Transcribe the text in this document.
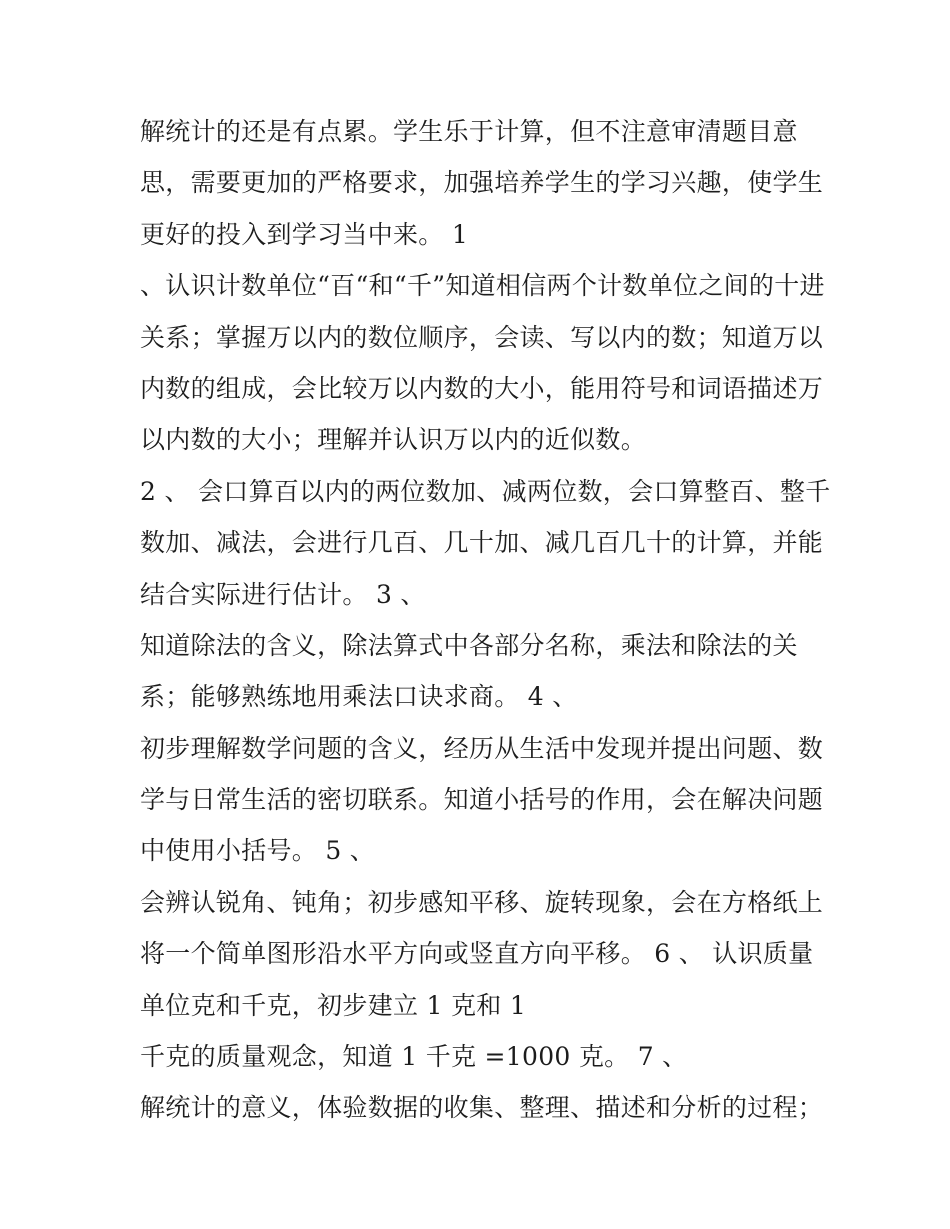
解统计的还是有点累。学生乐于计算，但不注意审清题目意
思，需要更加的严格要求，加强培养学生的学习兴趣，使学生
更好的投入到学习当中来。 1
、认识计数单位“百“和“千”知道相信两个计数单位之间的十进
关系；掌握万以内的数位顺序，会读、写以内的数；知道万以
内数的组成，会比较万以内数的大小，能用符号和词语描述万
以内数的大小；理解并认识万以内的近似数。
2 、 会口算百以内的两位数加、减两位数，会口算整百、整千
数加、减法，会进行几百、几十加、减几百几十的计算，并能
结合实际进行估计。 3 、
知道除法的含义，除法算式中各部分名称，乘法和除法的关
系；能够熟练地用乘法口诀求商。 4 、
初步理解数学问题的含义，经历从生活中发现并提出问题、数
学与日常生活的密切联系。知道小括号的作用，会在解决问题
中使用小括号。 5 、
会辨认锐角、钝角；初步感知平移、旋转现象，会在方格纸上
将一个简单图形沿水平方向或竖直方向平移。 6 、 认识质量
单位克和千克，初步建立 1 克和 1
千克的质量观念，知道 1 千克 =1000 克。 7 、
解统计的意义，体验数据的收集、整理、描述和分析的过程；
